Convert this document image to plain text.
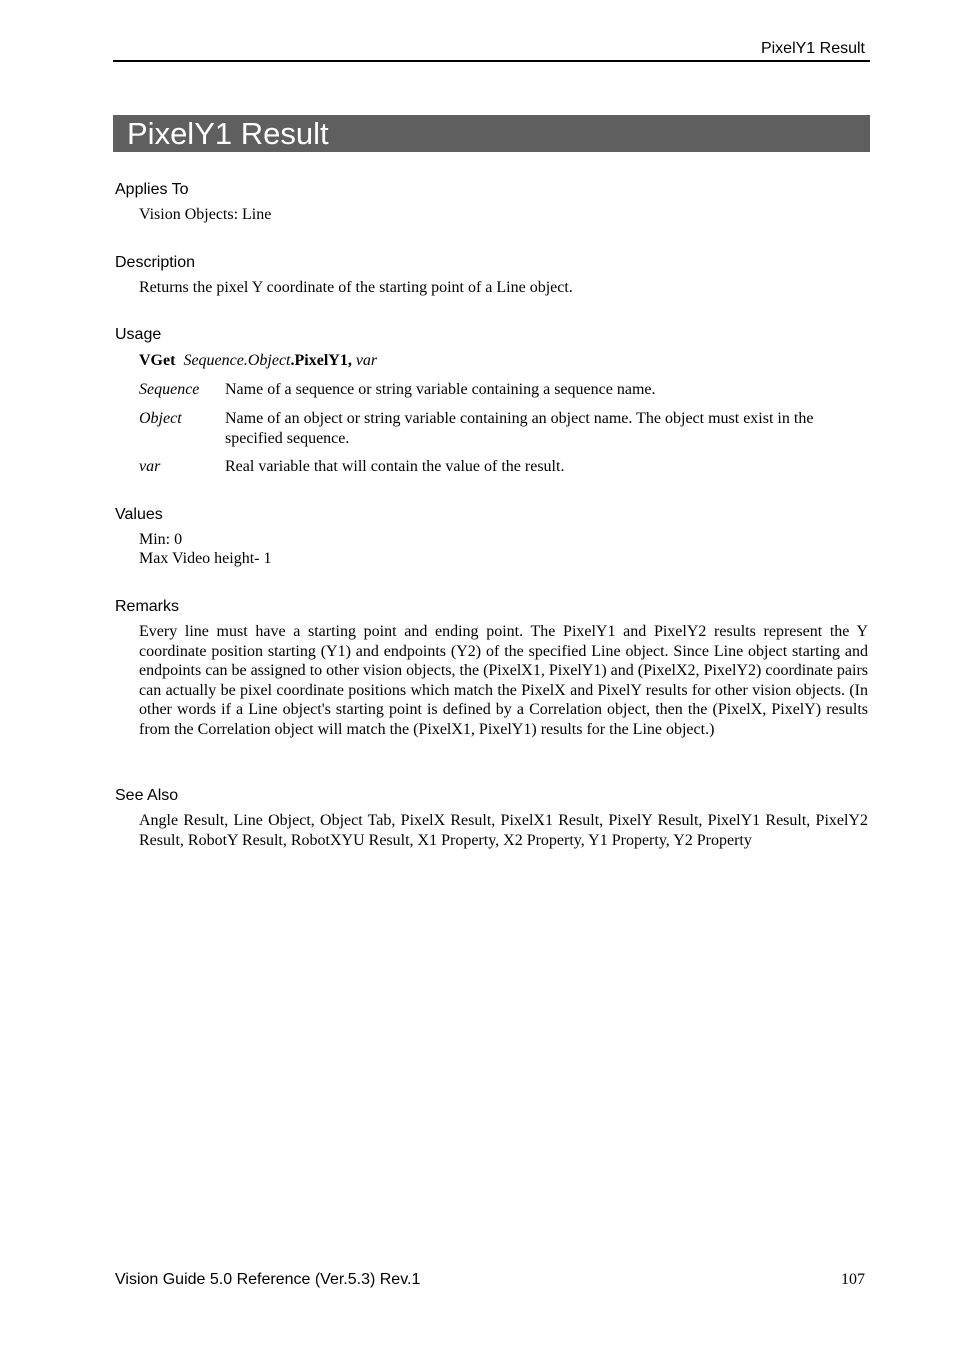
PixelY1 Result
PixelY1 Result
Applies To
Vision Objects: Line
Description
Returns the pixel Y coordinate of the starting point of a Line object.
Usage
VGet Sequence.Object.PixelY1, var
Sequence	Name of a sequence or string variable containing a sequence name.
Object	Name of an object or string variable containing an object name. The object must exist in the specified sequence.
var	Real variable that will contain the value of the result.
Values
Min: 0
Max Video height- 1
Remarks
Every line must have a starting point and ending point. The PixelY1 and PixelY2 results represent the Y coordinate position starting (Y1) and endpoints (Y2) of the specified Line object. Since Line object starting and endpoints can be assigned to other vision objects, the (PixelX1, PixelY1) and (PixelX2, PixelY2) coordinate pairs can actually be pixel coordinate positions which match the PixelX and PixelY results for other vision objects. (In other words if a Line object's starting point is defined by a Correlation object, then the (PixelX, PixelY) results from the Correlation object will match the (PixelX1, PixelY1) results for the Line object.)
See Also
Angle Result, Line Object, Object Tab, PixelX Result, PixelX1 Result, PixelY Result, PixelY1 Result, PixelY2 Result, RobotY Result, RobotXYU Result, X1 Property, X2 Property, Y1 Property, Y2 Property
Vision Guide 5.0 Reference (Ver.5.3) Rev.1	107
